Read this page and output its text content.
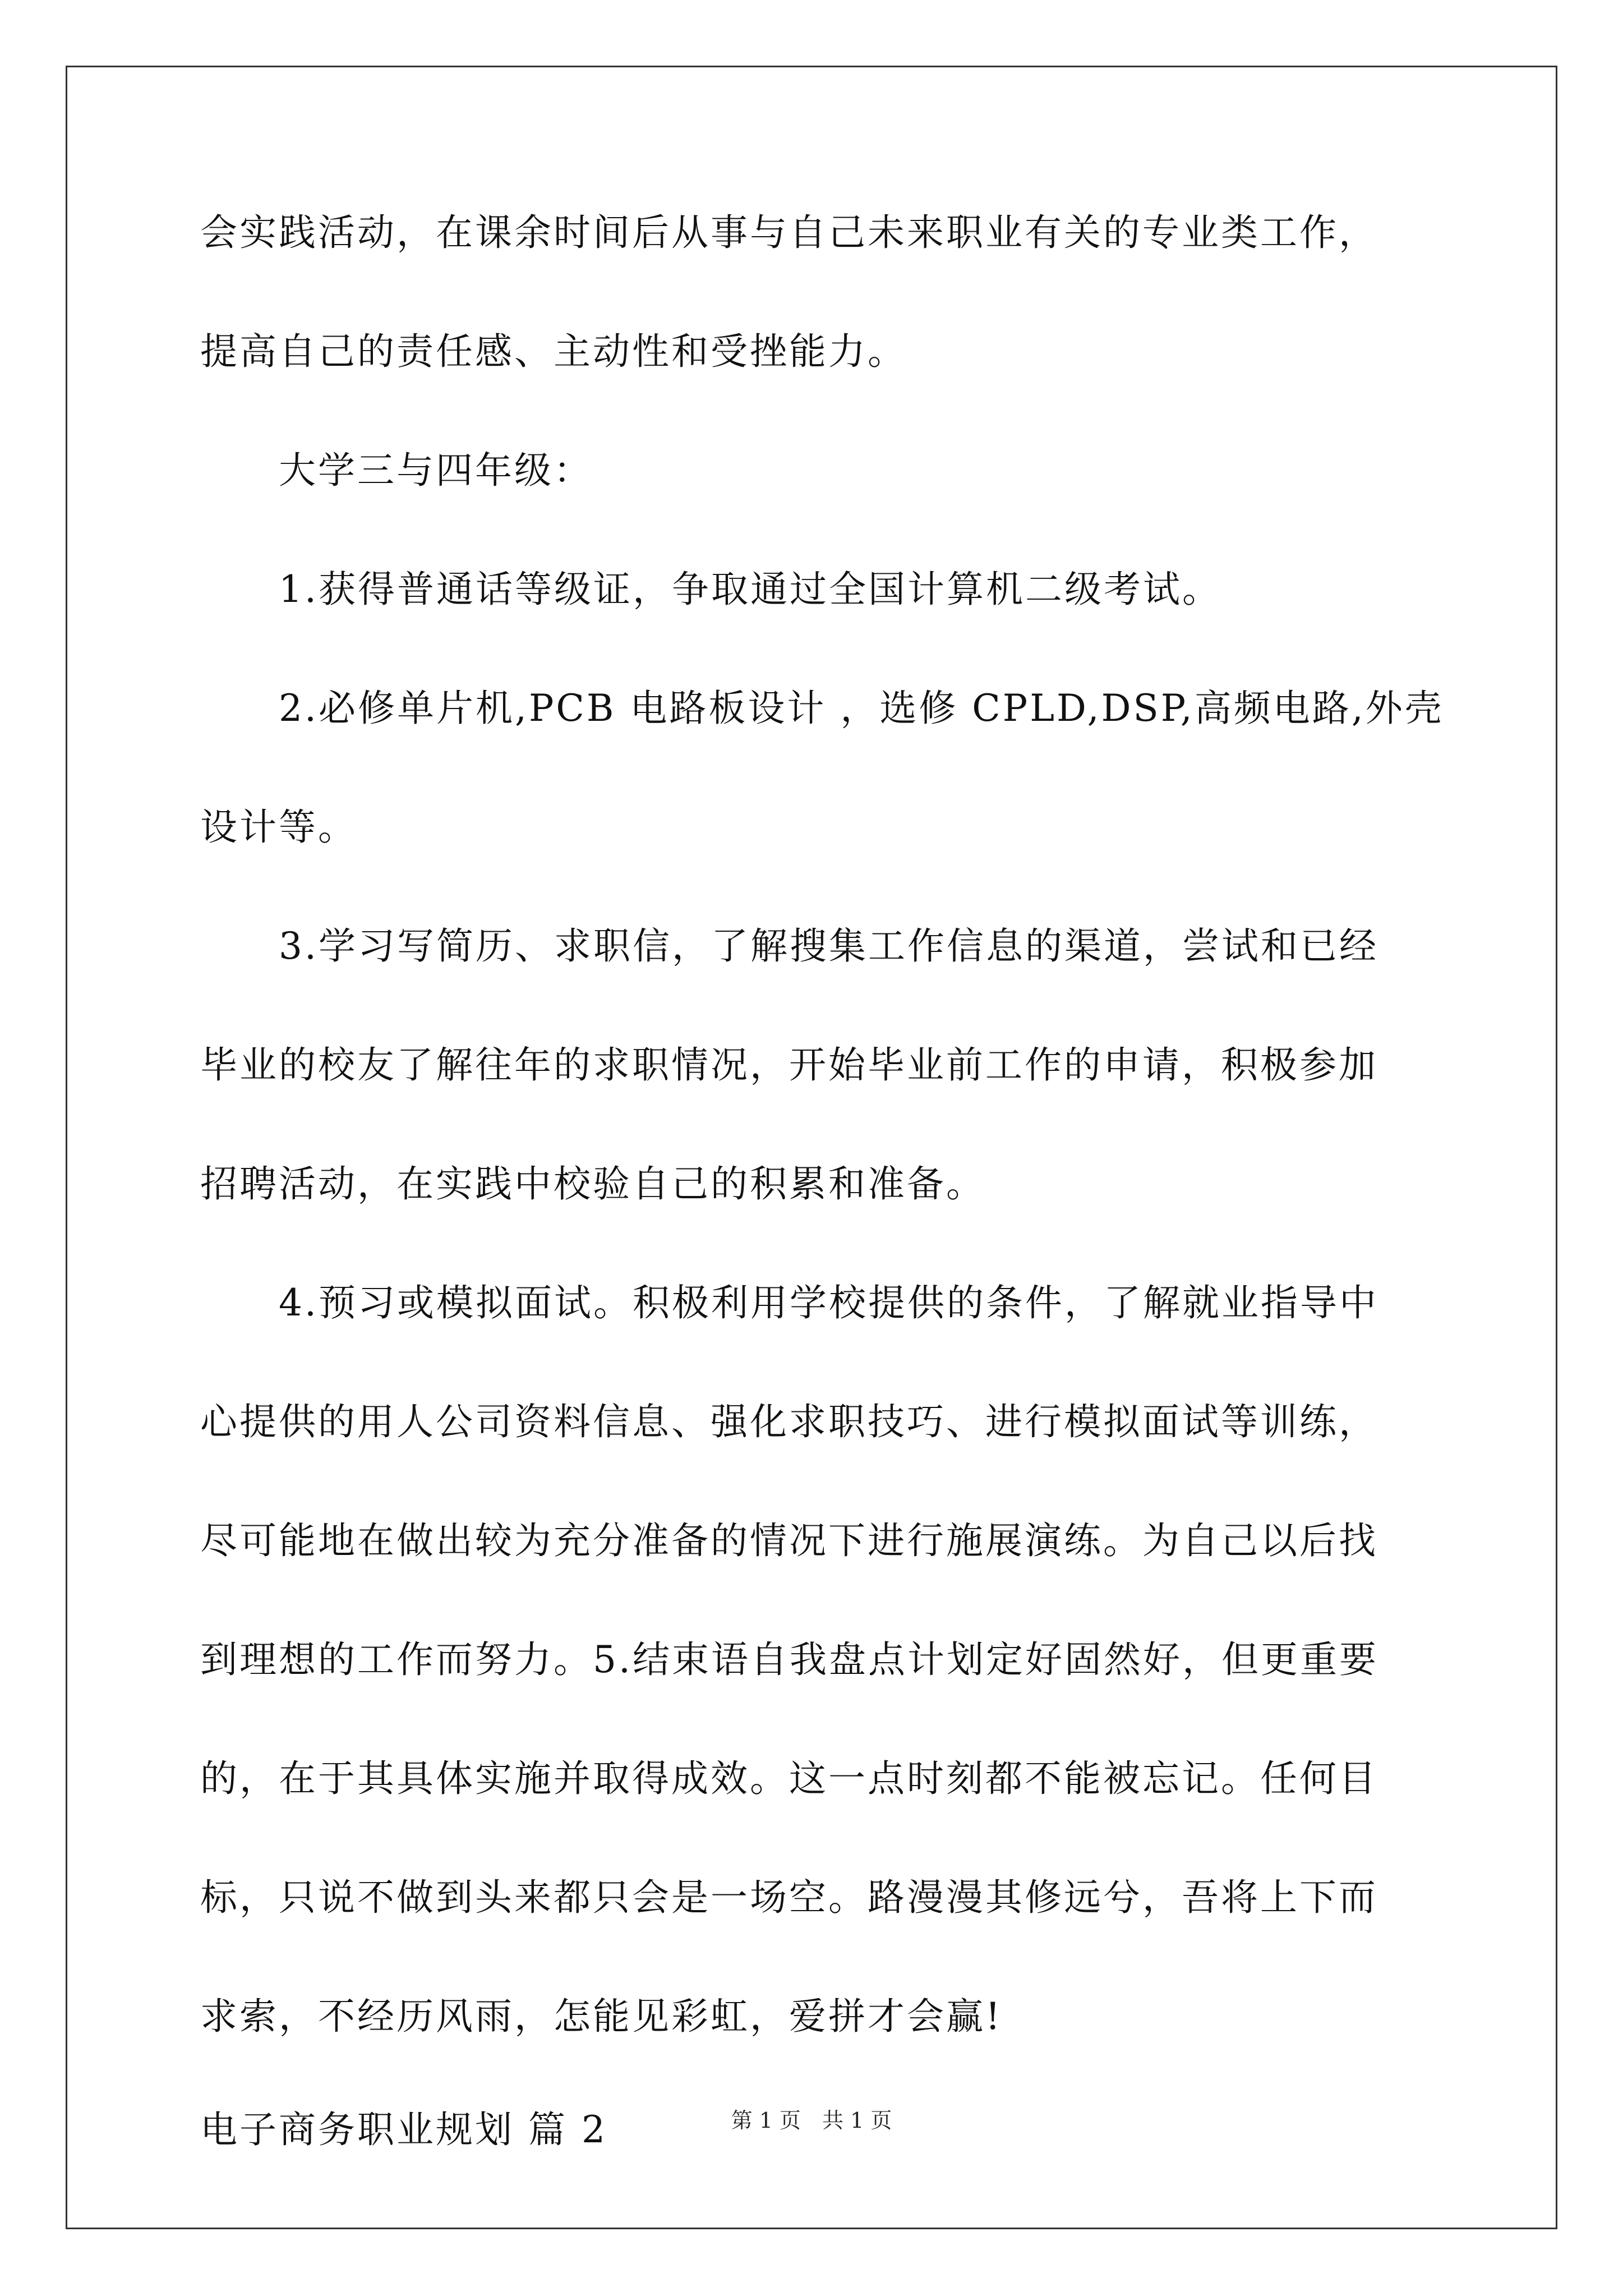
会实践活动，在课余时间后从事与自己未来职业有关的专业类工作，
提高自己的责任感、主动性和受挫能力。
大学三与四年级：
1.获得普通话等级证，争取通过全国计算机二级考试。
2.必修单片机,PCB 电路板设计 ，选修 CPLD,DSP,高频电路,外壳
设计等。
3.学习写简历、求职信，了解搜集工作信息的渠道，尝试和已经
毕业的校友了解往年的求职情况，开始毕业前工作的申请，积极参加
招聘活动，在实践中校验自己的积累和准备。
4.预习或模拟面试。积极利用学校提供的条件，了解就业指导中
心提供的用人公司资料信息、强化求职技巧、进行模拟面试等训练，
尽可能地在做出较为充分准备的情况下进行施展演练。为自己以后找
到理想的工作而努力。5.结束语自我盘点计划定好固然好，但更重要
的，在于其具体实施并取得成效。这一点时刻都不能被忘记。任何目
标，只说不做到头来都只会是一场空。路漫漫其修远兮，吾将上下而
求索，不经历风雨，怎能见彩虹，爱拼才会赢!
电子商务职业规划 篇 2	第 1 页　共 1 页
